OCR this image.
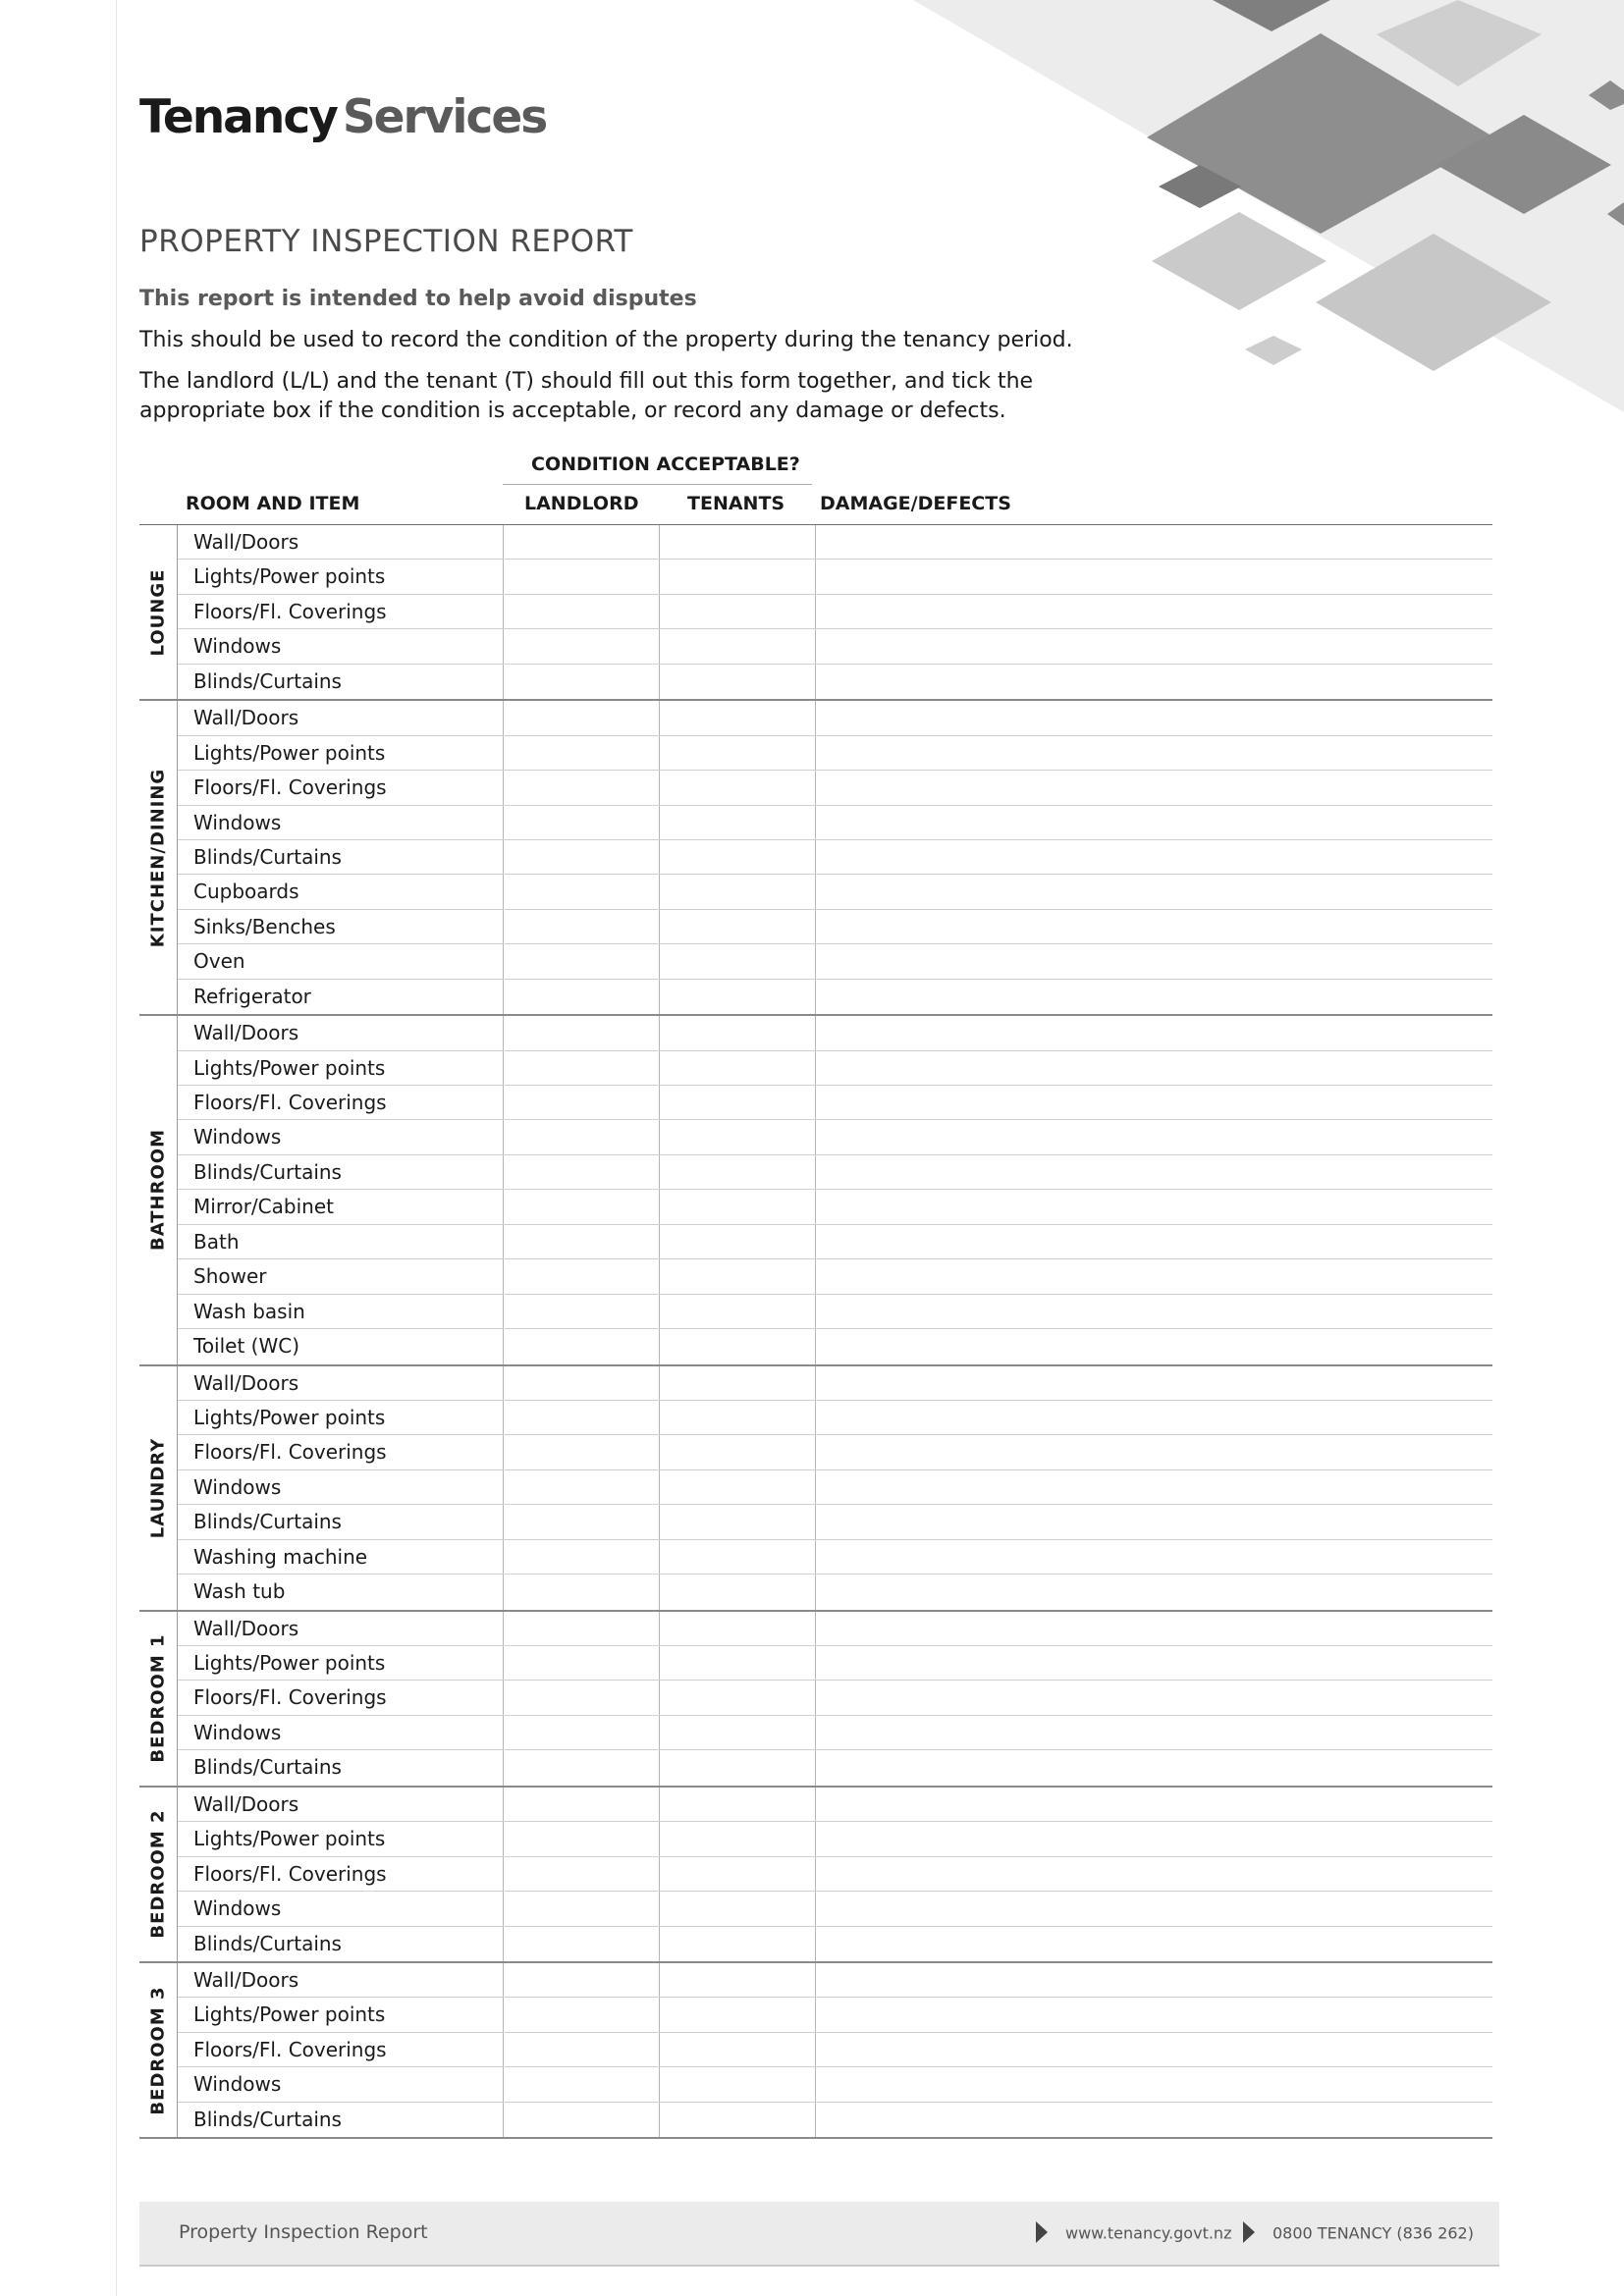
Tenancy Services
PROPERTY INSPECTION REPORT

This report is intended to help avoid disputes

This should be used to record the condition of the property during the tenancy period.

The landlord (L/L) and the tenant (T) should fill out this form together, and tick the appropriate box if the condition is acceptable, or record any damage or defects.

CONDITION ACCEPTABLE?
ROOM AND ITEM	LANDLORD	TENANTS DAMAGE/DEFECTS
LOUNGE
Wall/Doors
Lights/Power points
Floors/Fl. Coverings
Windows
Blinds/Curtains
KITCHEN/DINING
Wall/Doors
Lights/Power points
Floors/Fl. Coverings
Windows
Blinds/Curtains
Cupboards
Sinks/Benches
Oven
Refrigerator
BATHROOM
Wall/Doors
Lights/Power points
Floors/Fl. Coverings
Windows
Blinds/Curtains
Mirror/Cabinet
Bath
Shower
Wash basin
Toilet (WC)
LAUNDRY
Wall/Doors
Lights/Power points
Floors/Fl. Coverings
Windows
Blinds/Curtains
Washing machine
Wash tub
BEDROOM 1
Wall/Doors
Lights/Power points
Floors/Fl. Coverings
Windows
Blinds/Curtains
BEDROOM 2
Wall/Doors
Lights/Power points
Floors/Fl. Coverings
Windows
Blinds/Curtains
BEDROOM 3
Wall/Doors
Lights/Power points
Floors/Fl. Coverings
Windows
Blinds/Curtains
Property Inspection Report	www.tenancy.govt.nz	0800 TENANCY (836 262)
